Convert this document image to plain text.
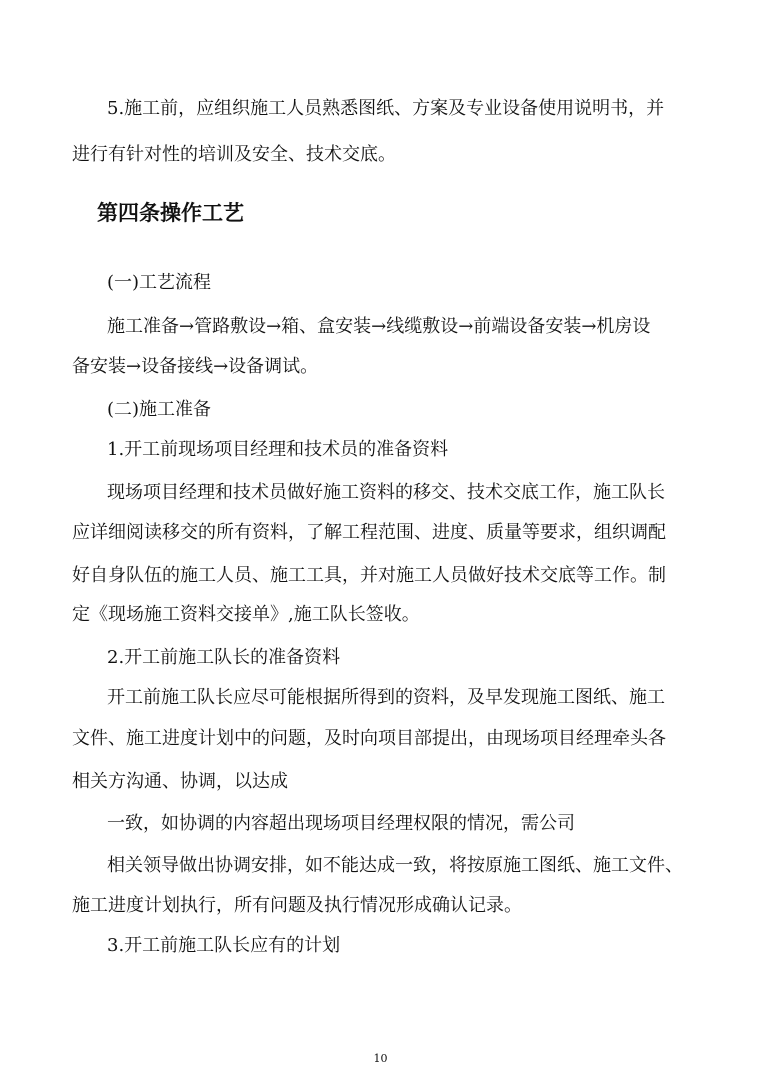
5.施工前，应组织施工人员熟悉图纸、方案及专业设备使用说明书，并

进行有针对性的培训及安全、技术交底。

第四条操作工艺

(一)工艺流程

施工准备→管路敷设→箱、盒安装→线缆敷设→前端设备安装→机房设

备安装→设备接线→设备调试。

(二)施工准备

1.开工前现场项目经理和技术员的准备资料

现场项目经理和技术员做好施工资料的移交、技术交底工作，施工队长

应详细阅读移交的所有资料，了解工程范围、进度、质量等要求，组织调配

好自身队伍的施工人员、施工工具，并对施工人员做好技术交底等工作。制

定《现场施工资料交接单》,施工队长签收。

2.开工前施工队长的准备资料

开工前施工队长应尽可能根据所得到的资料，及早发现施工图纸、施工

文件、施工进度计划中的问题，及时向项目部提出，由现场项目经理牵头各

相关方沟通、协调，以达成

一致，如协调的内容超出现场项目经理权限的情况，需公司

相关领导做出协调安排，如不能达成一致，将按原施工图纸、施工文件、

施工进度计划执行，所有问题及执行情况形成确认记录。

3.开工前施工队长应有的计划

10
